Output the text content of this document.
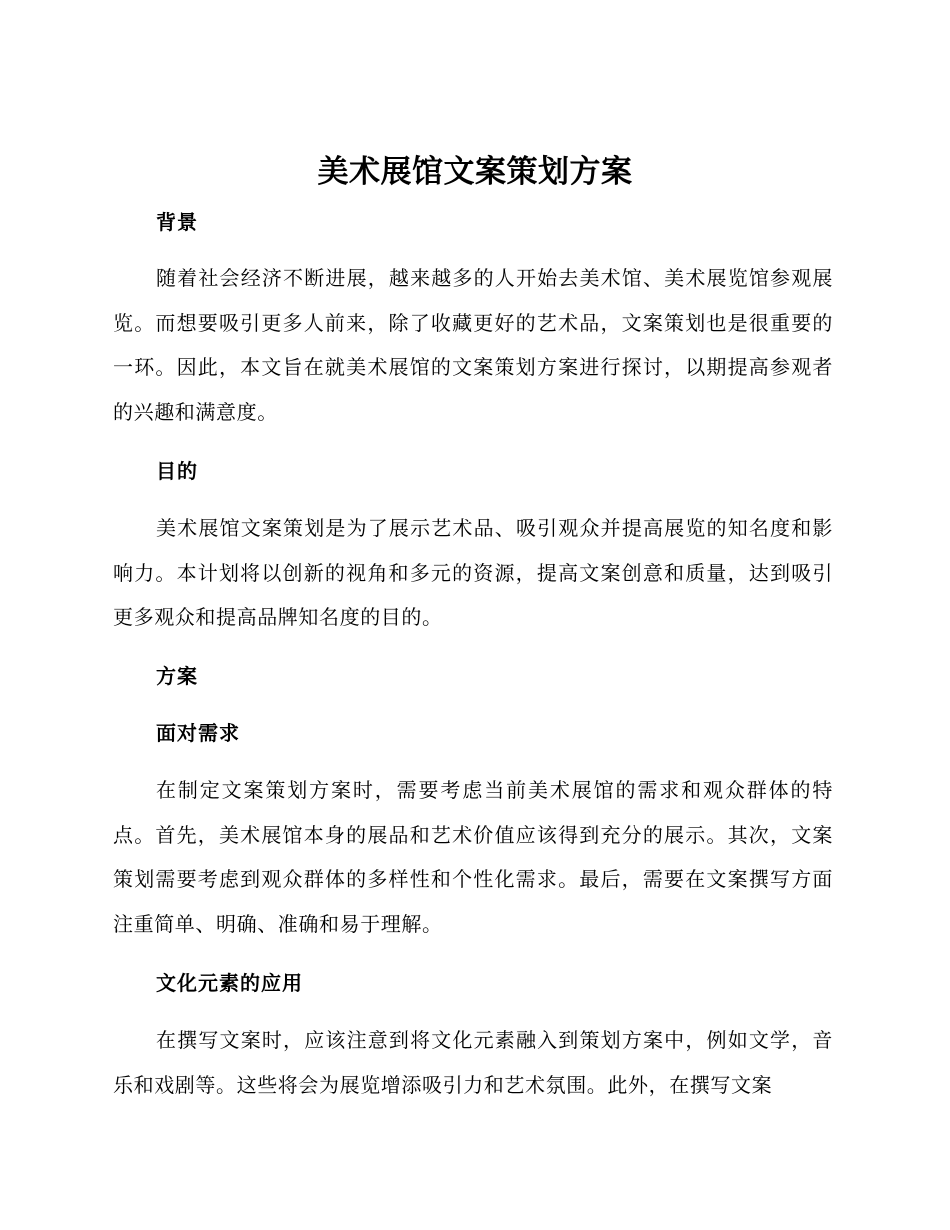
美术展馆文案策划方案
背景

随着社会经济不断进展，越来越多的人开始去美术馆、美术展览馆参观展览。而想要吸引更多人前来，除了收藏更好的艺术品，文案策划也是很重要的一环。因此，本文旨在就美术展馆的文案策划方案进行探讨，以期提高参观者的兴趣和满意度。

目的

美术展馆文案策划是为了展示艺术品、吸引观众并提高展览的知名度和影响力。本计划将以创新的视角和多元的资源，提高文案创意和质量，达到吸引更多观众和提高品牌知名度的目的。

方案
面对需求

在制定文案策划方案时，需要考虑当前美术展馆的需求和观众群体的特点。首先，美术展馆本身的展品和艺术价值应该得到充分的展示。其次，文案策划需要考虑到观众群体的多样性和个性化需求。最后，需要在文案撰写方面注重简单、明确、准确和易于理解。

文化元素的应用

在撰写文案时，应该注意到将文化元素融入到策划方案中，例如文学，音乐和戏剧等。这些将会为展览增添吸引力和艺术氛围。此外，在撰写文案
